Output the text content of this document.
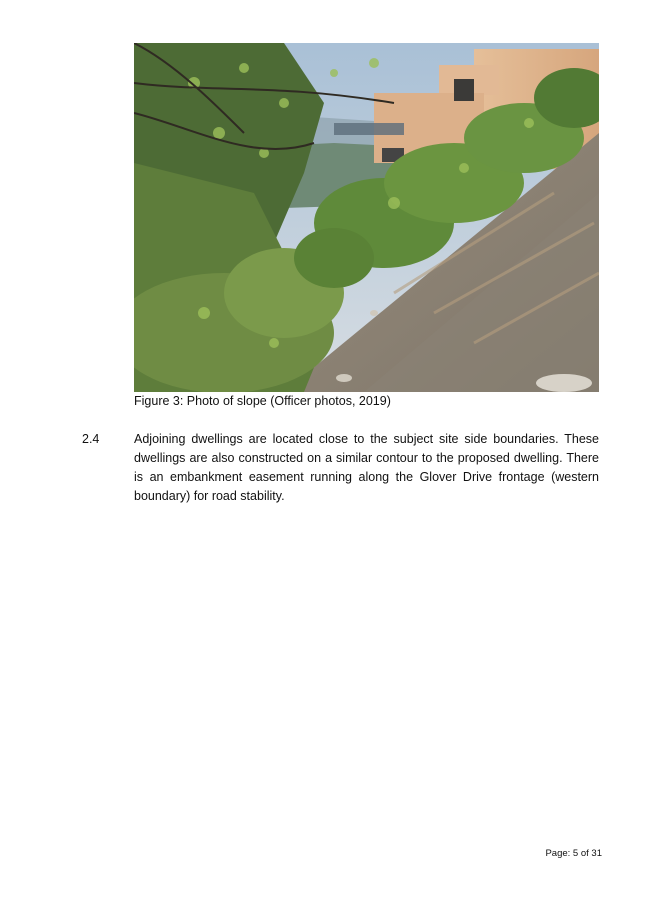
Figure 3: Photo of slope (Officer photos, 2019)
2.4	Adjoining dwellings are located close to the subject site side boundaries. These dwellings are also constructed on a similar contour to the proposed dwelling. There is an embankment easement running along the Glover Drive frontage (western boundary) for road stability.
Page: 5 of 31
